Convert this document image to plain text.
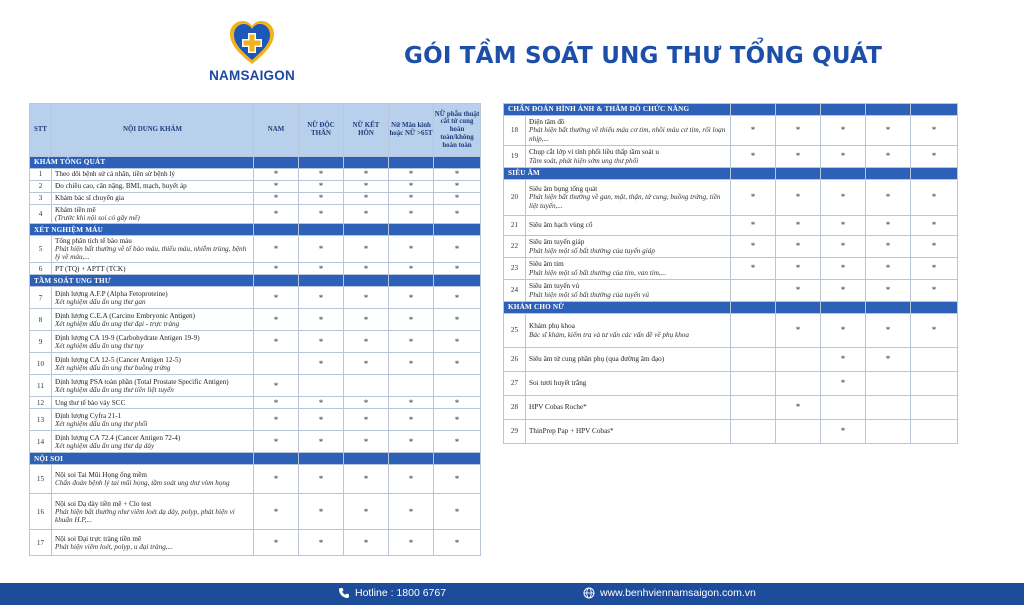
NAMSAIGON
GÓI TẦM SOÁT UNG THƯ TỔNG QUÁT
STT	NỘI DUNG KHÁM	NAM	NỮ ĐỘC THÂN	NỮ KẾT HÔN	Nữ Mãn kinh hoặc NỮ >65T	NỮ phẫu thuật cắt tử cung hoàn toàn/không hoàn toàn
KHÁM TỔNG QUÁT						
1	Theo dõi bệnh sử cá nhân, tiền sử bệnh lý	*	*	*	*	*
2	Đo chiều cao, cân nặng, BMI, mạch, huyết áp	*	*	*	*	*
3	Khám bác sĩ chuyên gia	*	*	*	*	*
4	Khám tiền mê
(Trước khi nội soi có gây mê)	*	*	*	*	*
XÉT NGHIỆM MÁU						
5	Tổng phân tích tế bào máu
Phát hiện bất thường về tế bào máu, thiếu máu, nhiễm trùng, bệnh lý về máu,...	*	*	*	*	*
6	PT (TQ) + APTT (TCK)	*	*	*	*	*
TẦM SOÁT UNG THƯ						
7	Định lượng A.F.P (Alpha Fetoproteine)
Xét nghiệm dấu ấn ung thư gan	*	*	*	*	*
8	Định lượng C.E.A (Carcino Embryonic Antigen)
Xét nghiệm dấu ấn ung thư đại - trực tràng	*	*	*	*	*
9	Định lượng CA 19-9 (Carbohydrate Antigen 19-9)
Xét nghiệm dấu ấn ung thư tụy	*	*	*	*	*
10	Định lượng CA 12-5 (Cancer Antigen 12-5)
Xét nghiệm dấu ấn ung thư buồng trứng		*	*	*	*
11	Định lượng PSA toàn phần (Total Prostate Specific Antigen)
Xét nghiệm dấu ấn ung thư tiền liệt tuyến	*				
12	Ung thư tế bào vảy SCC	*	*	*	*	*
13	Định lượng Cyfra 21-1
Xét nghiệm dấu ấn ung thư phổi	*	*	*	*	*
14	Định lượng CA 72.4 (Cancer Antigen 72-4)
Xét nghiệm dấu ấn ung thư dạ dày	*	*	*	*	*
NỘI SOI						
15	Nội soi Tai Mũi Họng ống mềm
Chẩn đoán bệnh lý tai mũi họng, tầm soát ung thư vòm họng	*	*	*	*	*
16	Nội soi Dạ dày tiền mê + Clo test
Phát hiện bất thường như viêm loét dạ dày, polyp, phát hiện vi khuẩn H.P,...	*	*	*	*	*
17	Nội soi Đại trực tràng tiền mê
Phát hiện viêm loét, polyp, u đại tràng,...	*	*	*	*	*
CHẨN ĐOÁN HÌNH ẢNH & THĂM DÒ CHỨC NĂNG						
18	Điện tâm đồ
Phát hiện bất thường về thiếu máu cơ tim, nhồi máu cơ tim, rối loạn nhịp,...	*	*	*	*	*
19	Chụp cắt lớp vi tính phổi liều thấp tầm soát u
Tầm soát, phát hiện sớm ung thư phổi	*	*	*	*	*
SIÊU ÂM						
20	Siêu âm bụng tổng quát
Phát hiện bất thường về gan, mật, thận, tử cung, buồng trứng, tiền liệt tuyến,...	*	*	*	*	*
21	Siêu âm hạch vùng cổ	*	*	*	*	*
22	Siêu âm tuyến giáp
Phát hiện một số bất thường của tuyến giáp	*	*	*	*	*
23	Siêu âm tim
Phát hiện một số bất thường của tim, van tim,...	*	*	*	*	*
24	Siêu âm tuyến vú
Phát hiện một số bất thường của tuyến vú		*	*	*	*
KHÁM CHO NỮ						
25	Khám phụ khoa
Bác sĩ khám, kiểm tra và tư vấn các vấn đề về phụ khoa		*	*	*	*
26	Siêu âm tử cung phần phụ (qua đường âm đạo)			*	*	
27	Soi tươi huyết trắng			*		
28	HPV Cobas Roche*		*			
29	ThinPrep Pap + HPV Cobas*			*		
Hotline : 1800 6767	www.benhviennamsaigon.com.vn
